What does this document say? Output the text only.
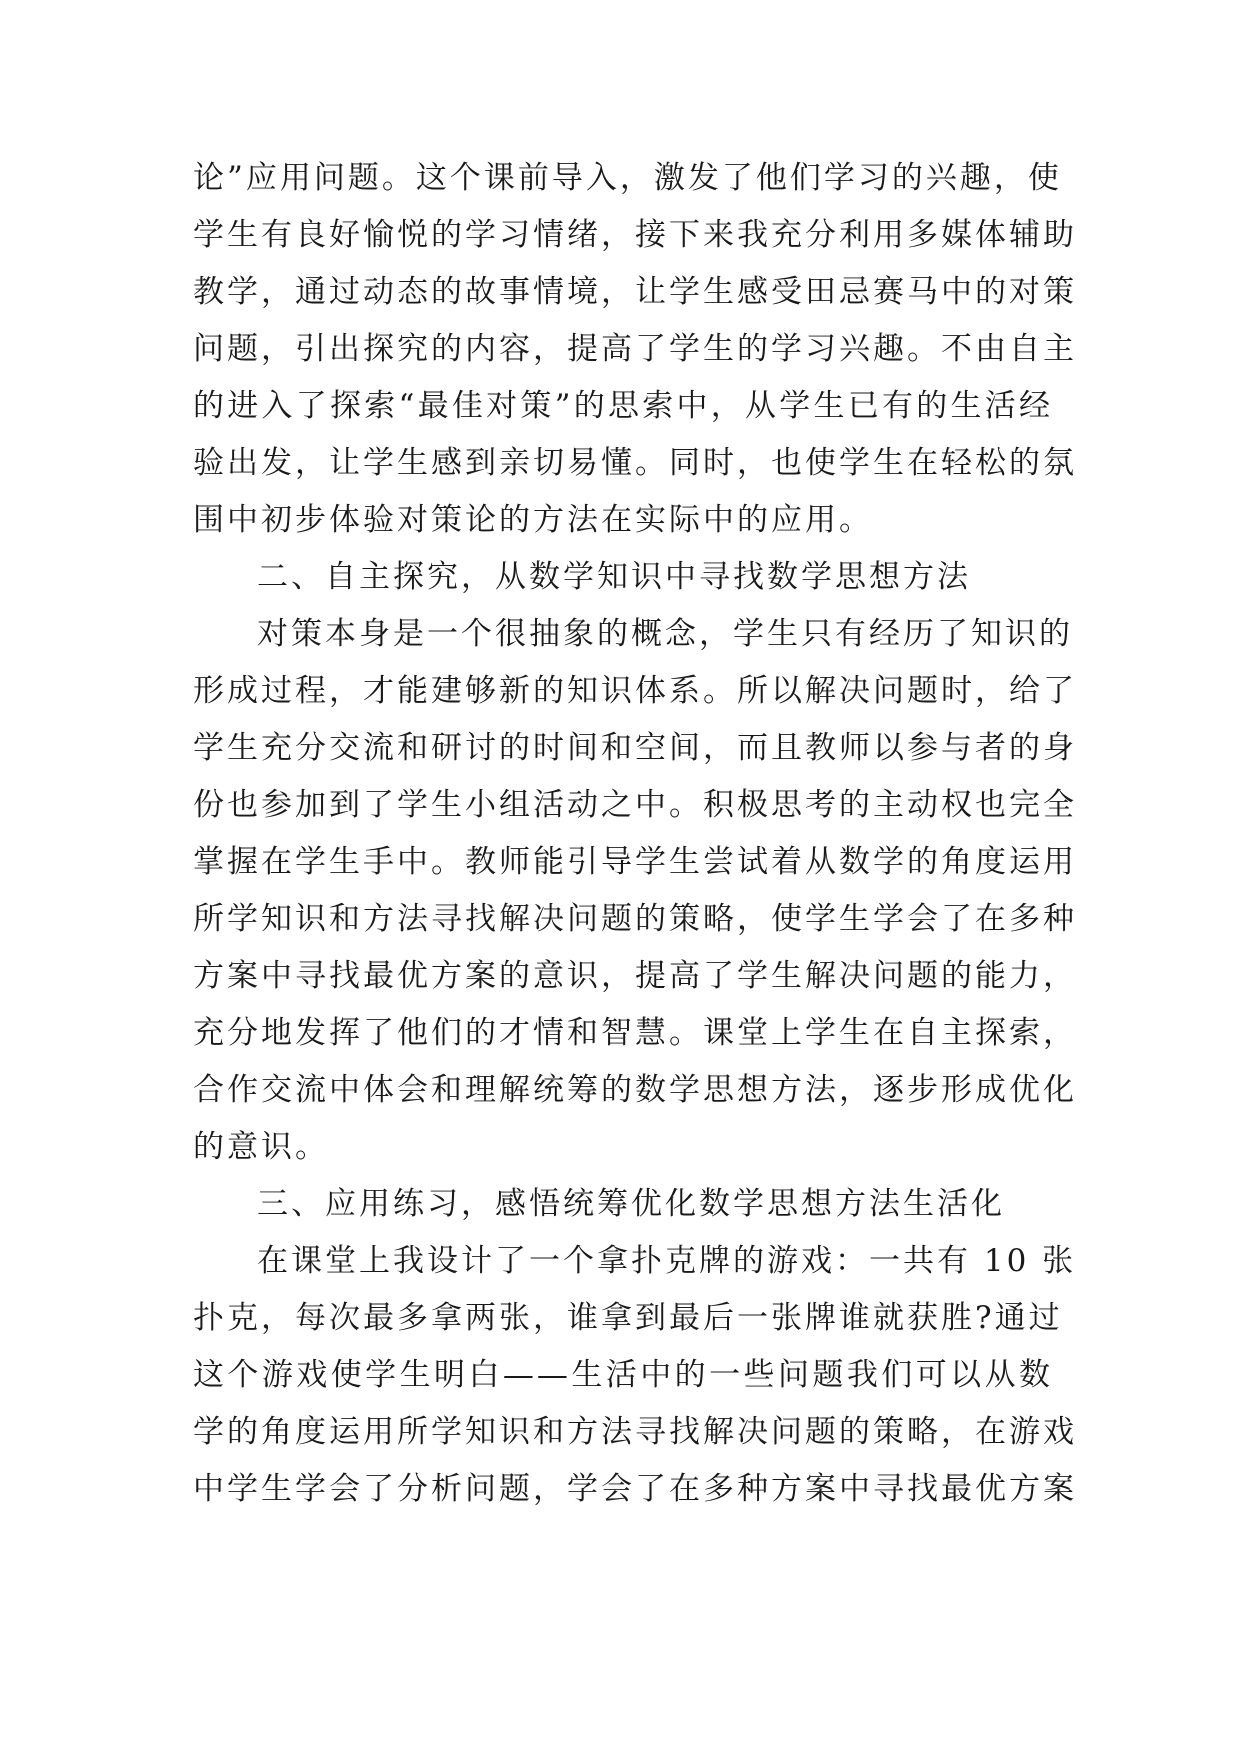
论”应用问题。这个课前导入，激发了他们学习的兴趣，使
学生有良好愉悦的学习情绪，接下来我充分利用多媒体辅助
教学，通过动态的故事情境，让学生感受田忌赛马中的对策
问题，引出探究的内容，提高了学生的学习兴趣。不由自主
的进入了探索“最佳对策”的思索中，从学生已有的生活经
验出发，让学生感到亲切易懂。同时，也使学生在轻松的氛
围中初步体验对策论的方法在实际中的应用。
二、自主探究，从数学知识中寻找数学思想方法
对策本身是一个很抽象的概念，学生只有经历了知识的
形成过程，才能建够新的知识体系。所以解决问题时，给了
学生充分交流和研讨的时间和空间，而且教师以参与者的身
份也参加到了学生小组活动之中。积极思考的主动权也完全
掌握在学生手中。教师能引导学生尝试着从数学的角度运用
所学知识和方法寻找解决问题的策略，使学生学会了在多种
方案中寻找最优方案的意识，提高了学生解决问题的能力，
充分地发挥了他们的才情和智慧。课堂上学生在自主探索，
合作交流中体会和理解统筹的数学思想方法，逐步形成优化
的意识。
三、应用练习，感悟统筹优化数学思想方法生活化
在课堂上我设计了一个拿扑克牌的游戏：一共有 10 张
扑克，每次最多拿两张，谁拿到最后一张牌谁就获胜?通过
这个游戏使学生明白——生活中的一些问题我们可以从数
学的角度运用所学知识和方法寻找解决问题的策略，在游戏
中学生学会了分析问题，学会了在多种方案中寻找最优方案
